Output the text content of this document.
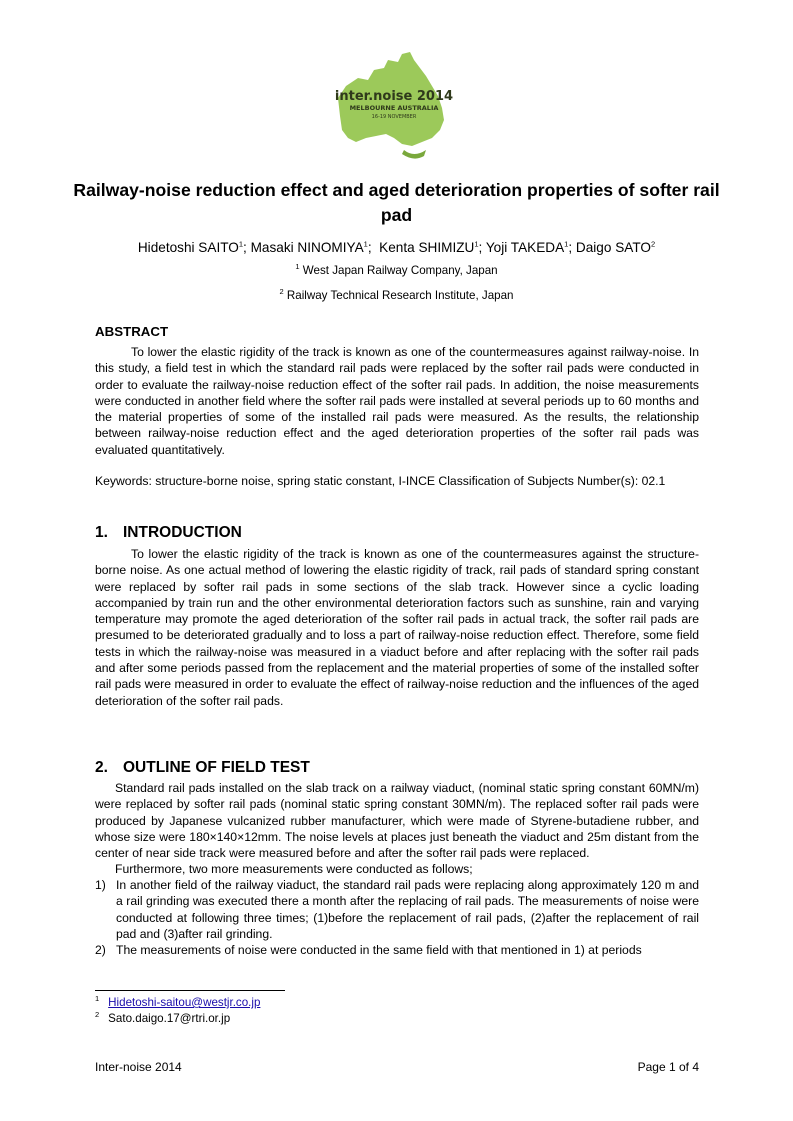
inter.noise 2014
MELBOURNE AUSTRALIA
16-19 NOVEMBER
Railway-noise reduction effect and aged deterioration properties of softer rail pad
Hidetoshi SAITO$^1$; Masaki NINOMIYA$^1$;  Kenta SHIMIZU$^1$; Yoji TAKEDA$^1$; Daigo SATO$^2$
$^1$ West Japan Railway Company, Japan
$^2$ Railway Technical Research Institute, Japan
ABSTRACT

To lower the elastic rigidity of the track is known as one of the countermeasures against railway-noise. In this study, a field test in which the standard rail pads were replaced by the softer rail pads were conducted in order to evaluate the railway-noise reduction effect of the softer rail pads. In addition, the noise measurements were conducted in another field where the softer rail pads were installed at several periods up to 60 months and the material properties of some of the installed rail pads were measured. As the results, the relationship between railway-noise reduction effect and the aged deterioration properties of the softer rail pads was evaluated quantitatively.

Keywords: structure-borne noise, spring static constant, I-INCE Classification of Subjects Number(s): 02.1

1. INTRODUCTION

To lower the elastic rigidity of the track is known as one of the countermeasures against the structure-borne noise. As one actual method of lowering the elastic rigidity of track, rail pads of standard spring constant were replaced by softer rail pads in some sections of the slab track. However since a cyclic loading accompanied by train run and the other environmental deterioration factors such as sunshine, rain and varying temperature may promote the aged deterioration of the softer rail pads in actual track, the softer rail pads are presumed to be deteriorated gradually and to loss a part of railway-noise reduction effect. Therefore, some field tests in which the railway-noise was measured in a viaduct before and after replacing with the softer rail pads and after some periods passed from the replacement and the material properties of some of the installed softer rail pads were measured in order to evaluate the effect of railway-noise reduction and the influences of the aged deterioration of the softer rail pads.

2. OUTLINE OF FIELD TEST

Standard rail pads installed on the slab track on a railway viaduct, (nominal static spring constant 60MN/m) were replaced by softer rail pads (nominal static spring constant 30MN/m). The replaced softer rail pads were produced by Japanese vulcanized rubber manufacturer, which were made of Styrene-butadiene rubber, and whose size were 180×140×12mm. The noise levels at places just beneath the viaduct and 25m distant from the center of near side track were measured before and after the softer rail pads were replaced.

Furthermore, two more measurements were conducted as follows;

1) In another field of the railway viaduct, the standard rail pads were replacing along approximately 120 m and a rail grinding was executed there a month after the replacing of rail pads. The measurements of noise were conducted at following three times; (1)before the replacement of rail pads, (2)after the replacement of rail pad and (3)after rail grinding.
2) The measurements of noise were conducted in the same field with that mentioned in 1) at periods
$^1$ Hidetoshi-saitou@westjr.co.jp
$^2$ Sato.daigo.17@rtri.or.jp
Inter-noise 2014	Page 1 of 4
